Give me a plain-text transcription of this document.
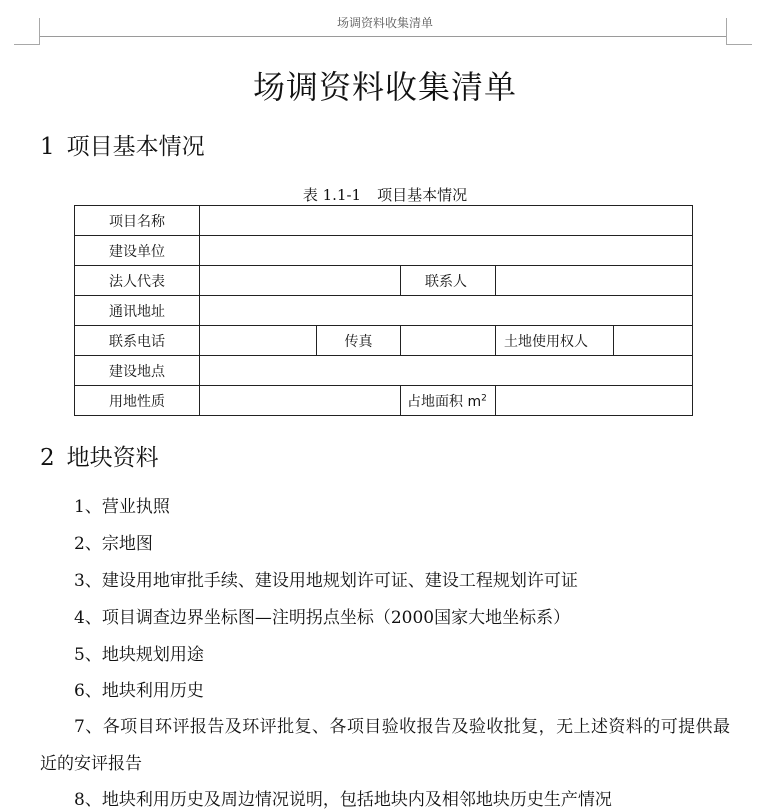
场调资料收集清单
场调资料收集清单
1 项目基本情况
表 1.1-1 项目基本情况
项目名称					
建设单位					
法人代表			联系人		
通讯地址					
联系电话		传真		土地使用权人	
建设地点					
用地性质			占地面积 $m^2$	
2 地块资料
1、营业执照
2、宗地图
3、建设用地审批手续、建设用地规划许可证、建设工程规划许可证
4、项目调查边界坐标图—注明拐点坐标（2000国家大地坐标系）
5、地块规划用途
6、地块利用历史
7、各项目环评报告及环评批复、各项目验收报告及验收批复，无上述资料的可提供最近的安评报告
8、地块利用历史及周边情况说明，包括地块内及相邻地块历史生产情况
